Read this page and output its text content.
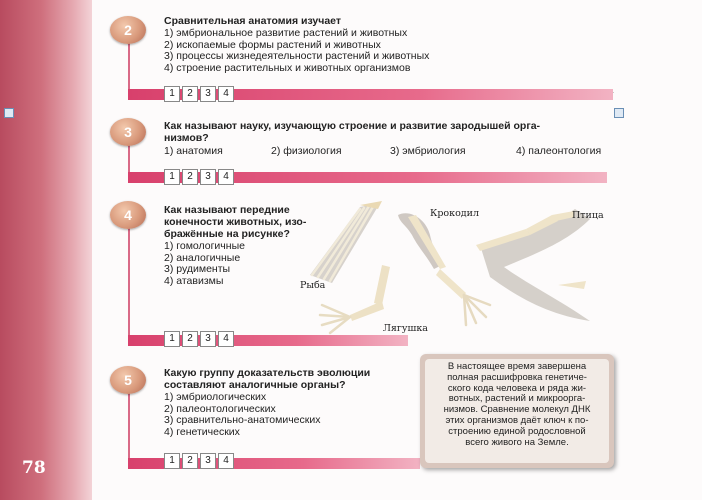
78
2
Сравнительная анатомия изучает
1) эмбриональное развитие растений и животных
2) ископаемые формы растений и животных
3) процессы жизнедеятельности растений и животных
4) строение растительных и животных организмов
1	2	3	4
3	Как называют науку, изучающую строение и развитие зародышей орга-
низмов?
1) анатомия	2) физиология	3) эмбриология	4) палеонтология
1	2	3	4
4	Как называют передние
конечности животных, изо-
бражённые на рисунке?
1) гомологичные
2) аналогичные
3) рудименты
4) атавизмы	Рыба
Крокодил	Птица
Лягушка
1	2	3	4
5	Какую группу доказательств эволюции
составляют аналогичные органы?
1) эмбриологических
2) палеонтологических
3) сравнительно-анатомических
4) генетических
1	2	3	4
В настоящее время завершена
полная расшифровка генетиче-
ского кода человека и ряда жи-
вотных, растений и микроорга-
низмов. Сравнение молекул ДНК
этих организмов даёт ключ к по-
строению единой родословной
всего живого на Земле.
